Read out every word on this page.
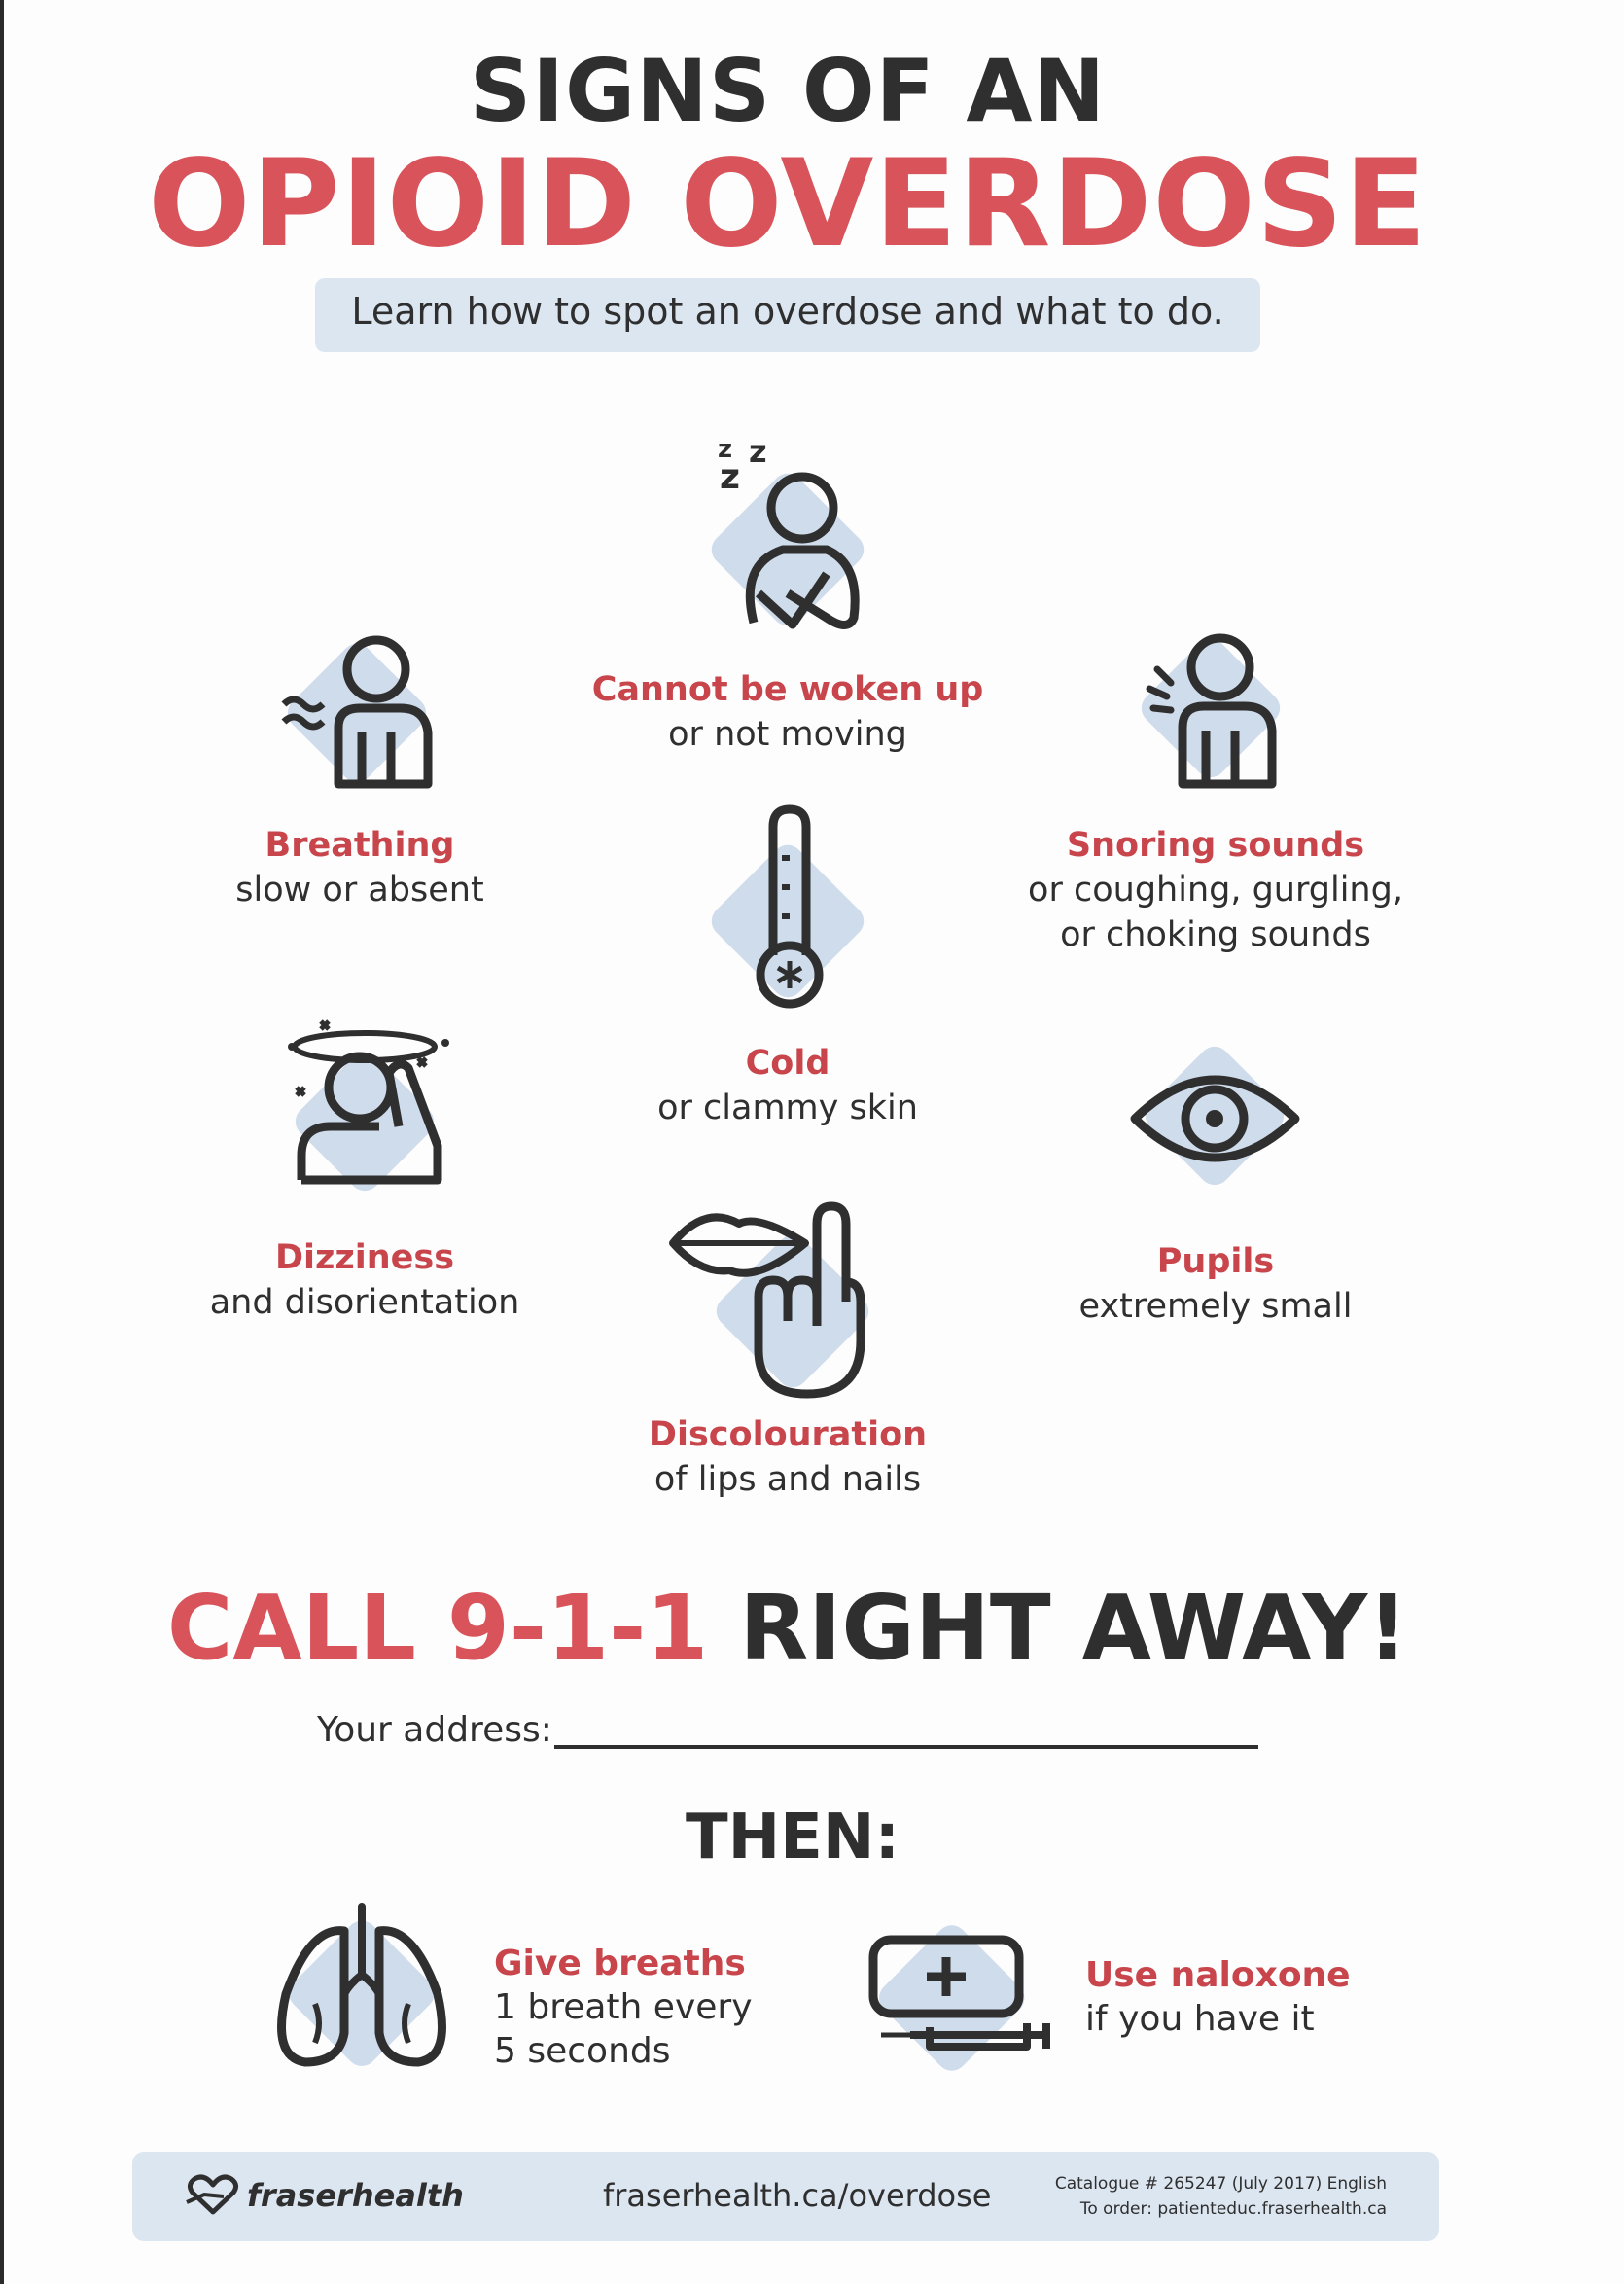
SIGNS OF AN
OPIOID OVERDOSE
Learn how to spot an overdose and what to do.
z
z
z
Cannot be woken up
or not moving
Breathing
slow or absent
Snoring sounds
or coughing, gurgling,
or choking sounds
Cold
or clammy skin
Dizziness
and disorientation
Pupils
extremely small
Discolouration
of lips and nails
CALL 9-1-1 RIGHT AWAY!
Your address:
THEN:
Give breaths
1 breath every
5 seconds
Use naloxone
if you have it
fraserhealth	fraserhealth.ca/overdose	Catalogue # 265247 (July 2017) English
To order: patienteduc.fraserhealth.ca
